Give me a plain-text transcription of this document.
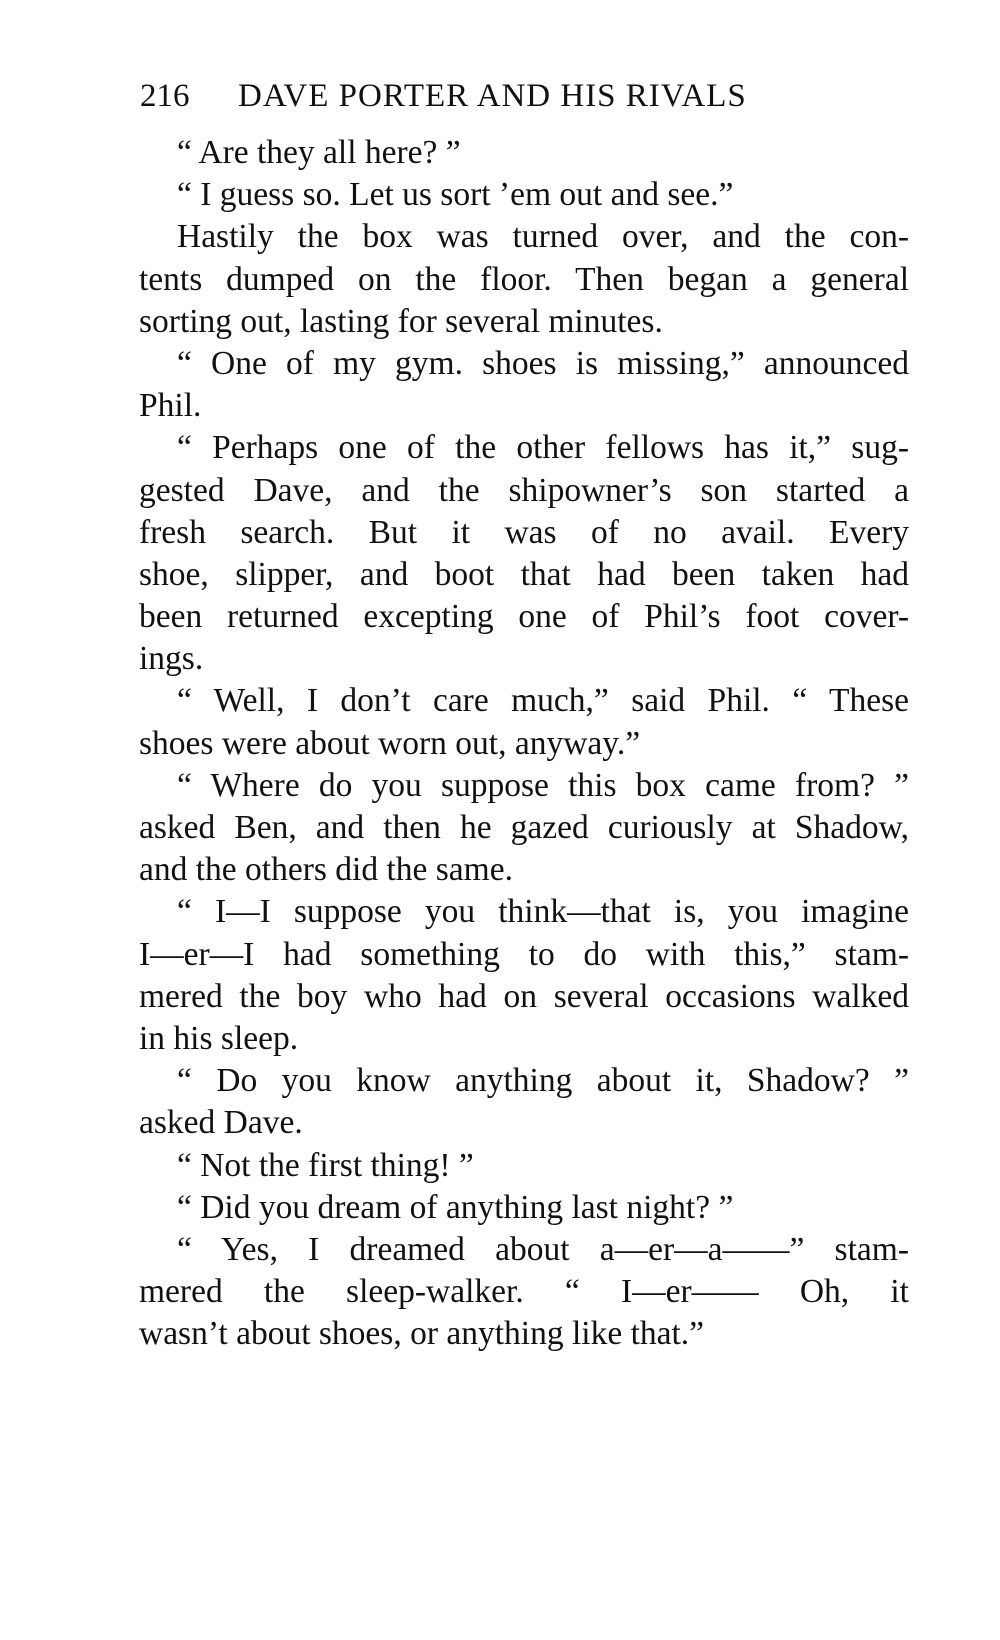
216 DAVE PORTER AND HIS RIVALS
“ Are they all here? ”
“ I guess so. Let us sort ’em out and see.”
Hastily the box was turned over, and the con-
tents dumped on the floor. Then began a general
sorting out, lasting for several minutes.
“ One of my gym. shoes is missing,” announced
Phil.
“ Perhaps one of the other fellows has it,” sug-
gested Dave, and the shipowner’s son started a
fresh search. But it was of no avail. Every
shoe, slipper, and boot that had been taken had
been returned excepting one of Phil’s foot cover-
ings.
“ Well, I don’t care much,” said Phil. “ These
shoes were about worn out, anyway.”
“ Where do you suppose this box came from? ”
asked Ben, and then he gazed curiously at Shadow,
and the others did the same.
“ I—I suppose you think—that is, you imagine
I—er—I had something to do with this,” stam-
mered the boy who had on several occasions walked
in his sleep.
“ Do you know anything about it, Shadow? ”
asked Dave.
“ Not the first thing! ”
“ Did you dream of anything last night? ”
“ Yes, I dreamed about a—er—a——” stam-
mered the sleep-walker. “ I—er—— Oh, it
wasn’t about shoes, or anything like that.”
